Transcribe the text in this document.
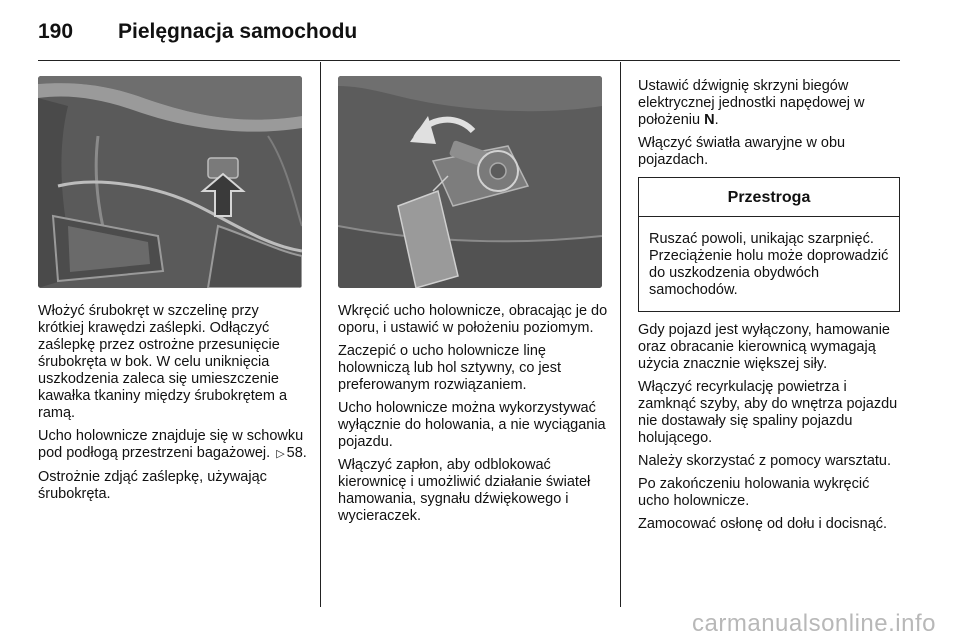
190	Pielęgnacja samochodu

Włożyć śrubokręt w szczelinę przy krótkiej krawędzi zaślepki. Odłączyć zaślepkę przez ostrożne przesunięcie śrubokręta w bok. W celu uniknięcia uszkodzenia zaleca się umieszczenie kawałka tkaniny między śrubokrętem a ramą.

Ucho holownicze znajduje się w schowku pod podłogą przestrzeni bagażowej. ▷ 58.

Ostrożnie zdjąć zaślepkę, używając śrubokręta.

Wkręcić ucho holownicze, obracając je do oporu, i ustawić w położeniu poziomym.

Zaczepić o ucho holownicze linę holowniczą lub hol sztywny, co jest preferowanym rozwiązaniem.

Ucho holownicze można wykorzystywać wyłącznie do holowania, a nie wyciągania pojazdu.

Włączyć zapłon, aby odblokować kierownicę i umożliwić działanie świateł hamowania, sygnału dźwiękowego i wycieraczek.

Ustawić dźwignię skrzyni biegów elektrycznej jednostki napędowej w położeniu N.

Włączyć światła awaryjne w obu pojazdach.

Przestroga
Ruszać powoli, unikając szarpnięć. Przeciążenie holu może doprowadzić do uszkodzenia obydwóch samochodów.

Gdy pojazd jest wyłączony, hamowanie oraz obracanie kierownicą wymagają użycia znacznie większej siły.

Włączyć recyrkulację powietrza i zamknąć szyby, aby do wnętrza pojazdu nie dostawały się spaliny pojazdu holującego.

Należy skorzystać z pomocy warsztatu.

Po zakończeniu holowania wykręcić ucho holownicze.

Zamocować osłonę od dołu i docisnąć.

carmanualsonline.info
